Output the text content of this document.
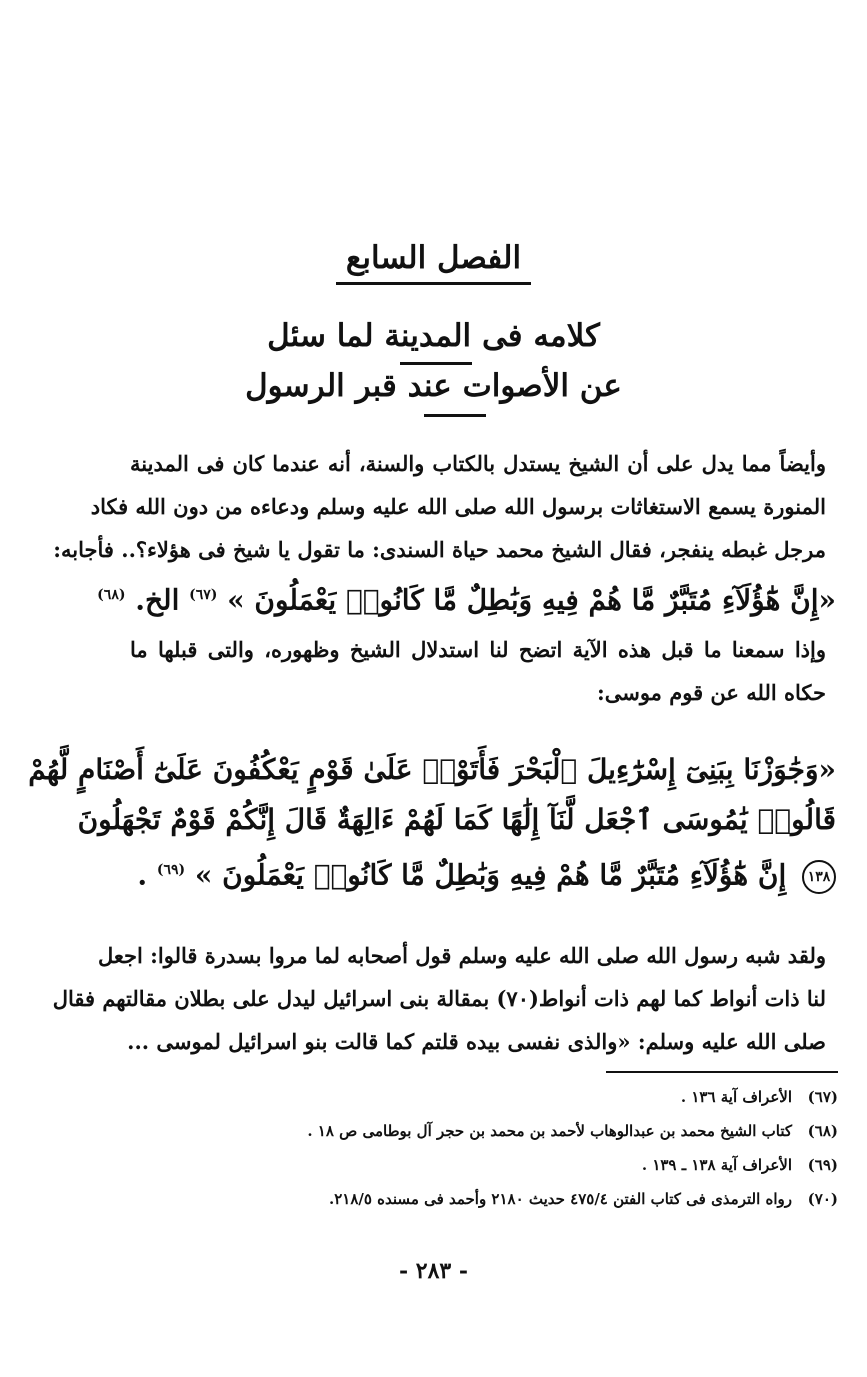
الفصل السابع
كلامه فى المدينة لما سئل
عن الأصوات عند قبر الرسول
وأيضاً مما يدل على أن الشيخ يستدل بالكتاب والسنة، أنه عندما كان فى المدينة
المنورة يسمع الاستغاثات برسول الله صلى الله عليه وسلم ودعاءه من دون الله فكاد
مرجل غبطه ينفجر، فقال الشيخ محمد حياة السندى: ما تقول يا شيخ فى هؤلاء؟.. فأجابه:
«إِنَّ هَٰٓؤُلَآءِ مُتَبَّرٌ مَّا هُمْ فِيهِ وَبَٰطِلٌ مَّا كَانُوا۟ يَعْمَلُونَ » $^{(٦٧)}$ الخ. $^{(٦٨)}$
وإذا سمعنا ما قبل هذه الآية اتضح لنا استدلال الشيخ وظهوره، والتى قبلها ما
حكاه الله عن قوم موسى:
«وَجَٰوَزْنَا بِبَنِىٓ إِسْرَٰٓءِيلَ ٱلْبَحْرَ فَأَتَوْا۟ عَلَىٰ قَوْمٍ يَعْكُفُونَ عَلَىٰٓ أَصْنَامٍ لَّهُمْ
قَالُوا۟ يَٰمُوسَى ٱجْعَل لَّنَآ إِلَٰهًا كَمَا لَهُمْ ءَالِهَةٌ قَالَ إِنَّكُمْ قَوْمٌ تَجْهَلُونَ
١٣٨ إِنَّ هَٰٓؤُلَآءِ مُتَبَّرٌ مَّا هُمْ فِيهِ وَبَٰطِلٌ مَّا كَانُوا۟ يَعْمَلُونَ » $^{(٦٩)}$ .
ولقد شبه رسول الله صلى الله عليه وسلم قول أصحابه لما مروا بسدرة قالوا: اجعل
لنا ذات أنواط كما لهم ذات أنواط(٧٠) بمقالة بنى اسرائيل ليدل على بطلان مقالتهم فقال
صلى الله عليه وسلم: «والذى نفسى بيده قلتم كما قالت بنو اسرائيل لموسى ...
(٦٧)
الأعراف آية ١٣٦ .
(٦٨)
كتاب الشيخ محمد بن عبدالوهاب لأحمد بن محمد بن حجر آل بوطامى ص ١٨ .
(٦٩)
الأعراف آية ١٣٨ ـ ١٣٩ .
(٧٠)
رواه الترمذى فى كتاب الفتن ٤٧٥/٤ حديث ٢١٨٠ وأحمد فى مسنده ٢١٨/٥.
- ٢٨٣ -
